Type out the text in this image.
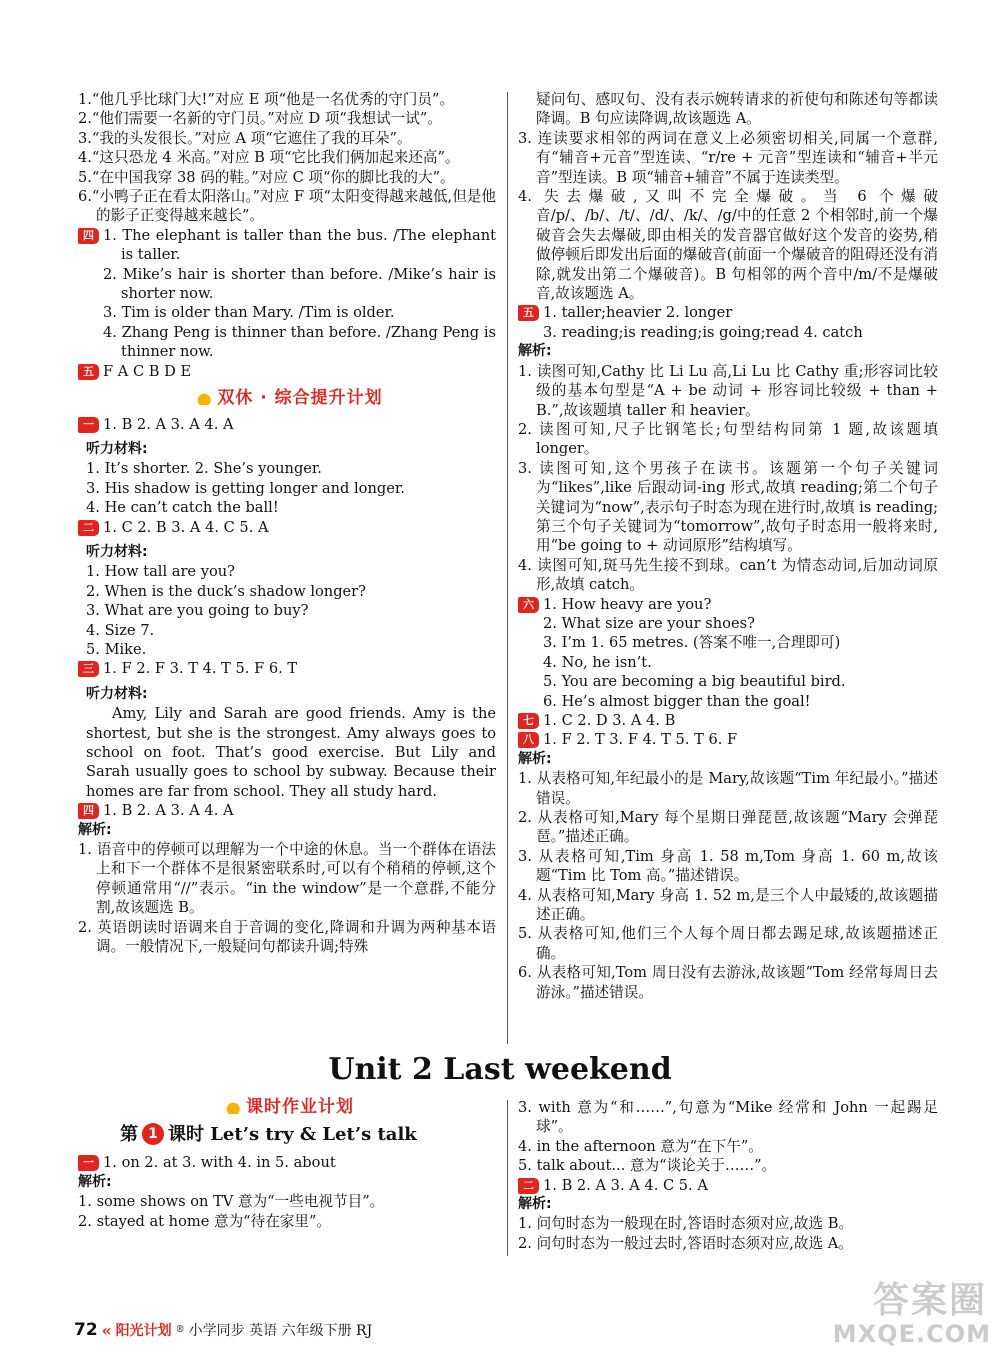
1.“他几乎比球门大!”对应 E 项“他是一名优秀的守门员”。
2.“他们需要一名新的守门员。”对应 D 项“我想试一试”。
3.“我的头发很长。”对应 A 项“它遮住了我的耳朵”。
4.“这只恐龙 4 米高。”对应 B 项“它比我们俩加起来还高”。
5.“在中国我穿 38 码的鞋。”对应 C 项“你的脚比我的大”。
6.“小鸭子正在看太阳落山。”对应 F 项“太阳变得越来越低,但是他的影子正变得越来越长”。
四 1. The elephant is taller than the bus. /The elephant is taller.
2. Mike’s hair is shorter than before. /Mike’s hair is shorter now.
3. Tim is older than Mary. /Tim is older.
4. Zhang Peng is thinner than before. /Zhang Peng is thinner now.
五 F A C B D E
双休 · 综合提升计划
一 1. B 2. A 3. A 4. A
听力材料:
1. It’s shorter. 2. She’s younger.
3. His shadow is getting longer and longer.
4. He can’t catch the ball!
二 1. C 2. B 3. A 4. C 5. A
听力材料:
1. How tall are you?
2. When is the duck’s shadow longer?
3. What are you going to buy?
4. Size 7.
5. Mike.
三 1. F 2. F 3. T 4. T 5. F 6. T
听力材料:
Amy, Lily and Sarah are good friends. Amy is the shortest, but she is the strongest. Amy always goes to school on foot. That’s good exercise. But Lily and Sarah usually goes to school by subway. Because their homes are far from school. They all study hard.
四 1. B 2. A 3. A 4. A
解析:
1. 语音中的停顿可以理解为一个中途的休息。当一个群体在语法上和下一个群体不是很紧密联系时,可以有个稍稍的停顿,这个停顿通常用“//”表示。“in the window”是一个意群,不能分割,故该题选 B。
2. 英语朗读时语调来自于音调的变化,降调和升调为两种基本语调。一般情况下,一般疑问句都读升调;特殊
疑问句、感叹句、没有表示婉转请求的祈使句和陈述句等都读降调。B 句应读降调,故该题选 A。
3. 连读要求相邻的两词在意义上必须密切相关,同属一个意群,有“辅音+元音”型连读、“r/re + 元音”型连读和“辅音+半元音”型连读。B 项“辅音+辅音”不属于连读类型。
4. 失去爆破,又叫不完全爆破。当 6 个爆破音/p/、/b/、/t/、/d/、/k/、/g/中的任意 2 个相邻时,前一个爆破音会失去爆破,即由相关的发音器官做好这个发音的姿势,稍做停顿后即发出后面的爆破音(前面一个爆破音的阻碍还没有消除,就发出第二个爆破音)。B 句相邻的两个音中/m/不是爆破音,故该题选 A。
五 1. taller;heavier 2. longer
3. reading;is reading;is going;read 4. catch
解析:
1. 读图可知,Cathy 比 Li Lu 高,Li Lu 比 Cathy 重;形容词比较级的基本句型是“A + be 动词 + 形容词比较级 + than + B.”,故该题填 taller 和 heavier。
2. 读图可知,尺子比钢笔长;句型结构同第 1 题,故该题填 longer。
3. 读图可知,这个男孩子在读书。该题第一个句子关键词为“likes”,like 后跟动词-ing 形式,故填 reading;第二个句子关键词为“now”,表示句子时态为现在进行时,故填 is reading;第三个句子关键词为“tomorrow”,故句子时态用一般将来时,用“be going to + 动词原形”结构填写。
4. 读图可知,斑马先生接不到球。can’t 为情态动词,后加动词原形,故填 catch。
六 1. How heavy are you?
2. What size are your shoes?
3. I’m 1. 65 metres. (答案不唯一,合理即可)
4. No, he isn’t.
5. You are becoming a big beautiful bird.
6. He’s almost bigger than the goal!
七 1. C 2. D 3. A 4. B
八 1. F 2. T 3. F 4. T 5. T 6. F
解析:
1. 从表格可知,年纪最小的是 Mary,故该题“Tim 年纪最小。”描述错误。
2. 从表格可知,Mary 每个星期日弹琵琶,故该题“Mary 会弹琵琶。”描述正确。
3. 从表格可知,Tim 身高 1. 58 m,Tom 身高 1. 60 m,故该题“Tim 比 Tom 高。”描述错误。
4. 从表格可知,Mary 身高 1. 52 m,是三个人中最矮的,故该题描述正确。
5. 从表格可知,他们三个人每个周日都去踢足球,故该题描述正确。
6. 从表格可知,Tom 周日没有去游泳,故该题“Tom 经常每周日去游泳。”描述错误。
Unit 2 Last weekend
课时作业计划
第 1 课时 Let’s try & Let’s talk
一 1. on 2. at 3. with 4. in 5. about
解析:
1. some shows on TV 意为“一些电视节目”。
2. stayed at home 意为“待在家里”。
3. with 意为“和……”,句意为“Mike 经常和 John 一起踢足球”。
4. in the afternoon 意为“在下午”。
5. talk about... 意为“谈论关于……”。
二 1. B 2. A 3. A 4. C 5. A
解析:
1. 问句时态为一般现在时,答语时态须对应,故选 B。
2. 问句时态为一般过去时,答语时态须对应,故选 A。
72 « 阳光计划 ® 小学同步 英语 六年级下册 RJ
答案圈
MXQE.COM
